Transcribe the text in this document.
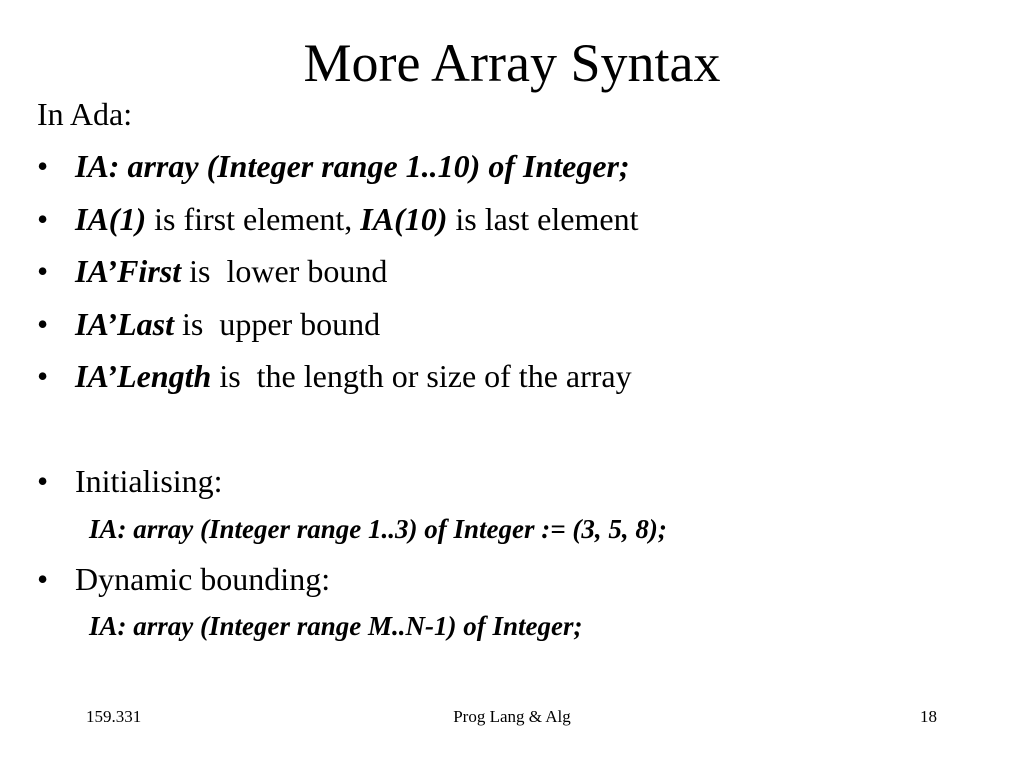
More Array Syntax
In Ada:
• IA: array (Integer range 1..10) of Integer;
• IA(1) is first element, IA(10) is last element
• IA’First is  lower bound
• IA’Last is  upper bound
• IA’Length is  the length or size of the array
• Initialising:
IA: array (Integer range 1..3) of Integer := (3, 5, 8);
• Dynamic bounding:
IA: array (Integer range M..N-1) of Integer;
159.331	Prog Lang & Alg	18
